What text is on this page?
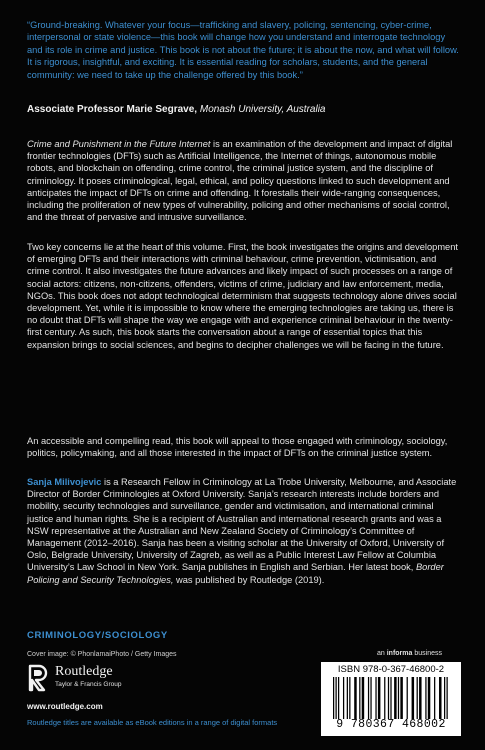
“Ground-breaking. Whatever your focus—trafficking and slavery, policing, sentencing, cyber-crime, interpersonal or state violence—this book will change how you understand and interrogate technology and its role in crime and justice. This book is not about the future; it is about the now, and what will follow. It is rigorous, insightful, and exciting. It is essential reading for scholars, students, and the general community: we need to take up the challenge offered by this book.”

Associate Professor Marie Segrave, Monash University, Australia

Crime and Punishment in the Future Internet is an examination of the development and impact of digital frontier technologies (DFTs) such as Artificial Intelligence, the Internet of things, autonomous mobile robots, and blockchain on offending, crime control, the criminal justice system, and the discipline of criminology. It poses criminological, legal, ethical, and policy questions linked to such development and anticipates the impact of DFTs on crime and offending. It forestalls their wide-ranging consequences, including the proliferation of new types of vulnerability, policing and other mechanisms of social control, and the threat of pervasive and intrusive surveillance.

Two key concerns lie at the heart of this volume. First, the book investigates the origins and development of emerging DFTs and their interactions with criminal behaviour, crime prevention, victimisation, and crime control. It also investigates the future advances and likely impact of such processes on a range of social actors: citizens, non-citizens, offenders, victims of crime, judiciary and law enforcement, media, NGOs. This book does not adopt technological determinism that suggests technology alone drives social development. Yet, while it is impossible to know where the emerging technologies are taking us, there is no doubt that DFTs will shape the way we engage with and experience criminal behaviour in the twenty-first century. As such, this book starts the conversation about a range of essential topics that this expansion brings to social sciences, and begins to decipher challenges we will be facing in the future.

An accessible and compelling read, this book will appeal to those engaged with criminology, sociology, politics, policymaking, and all those interested in the impact of DFTs on the criminal justice system.

Sanja Milivojevic is a Research Fellow in Criminology at La Trobe University, Melbourne, and Associate Director of Border Criminologies at Oxford University. Sanja’s research interests include borders and mobility, security technologies and surveillance, gender and victimisation, and international criminal justice and human rights. She is a recipient of Australian and international research grants and was a NSW representative at the Australian and New Zealand Society of Criminology’s Committee of Management (2012–2016). Sanja has been a visiting scholar at the University of Oxford, University of Oslo, Belgrade University, University of Zagreb, as well as a Public Interest Law Fellow at Columbia University’s Law School in New York. Sanja publishes in English and Serbian. Her latest book, Border Policing and Security Technologies, was published by Routledge (2019).

CRIMINOLOGY/SOCIOLOGY

Cover image: © PhonlamaiPhoto / Getty Images

Routledge
Taylor & Francis Group

www.routledge.com

Routledge titles are available as eBook editions in a range of digital formats

an informa business

ISBN 978-0-367-46800-2
9 780367 468002
